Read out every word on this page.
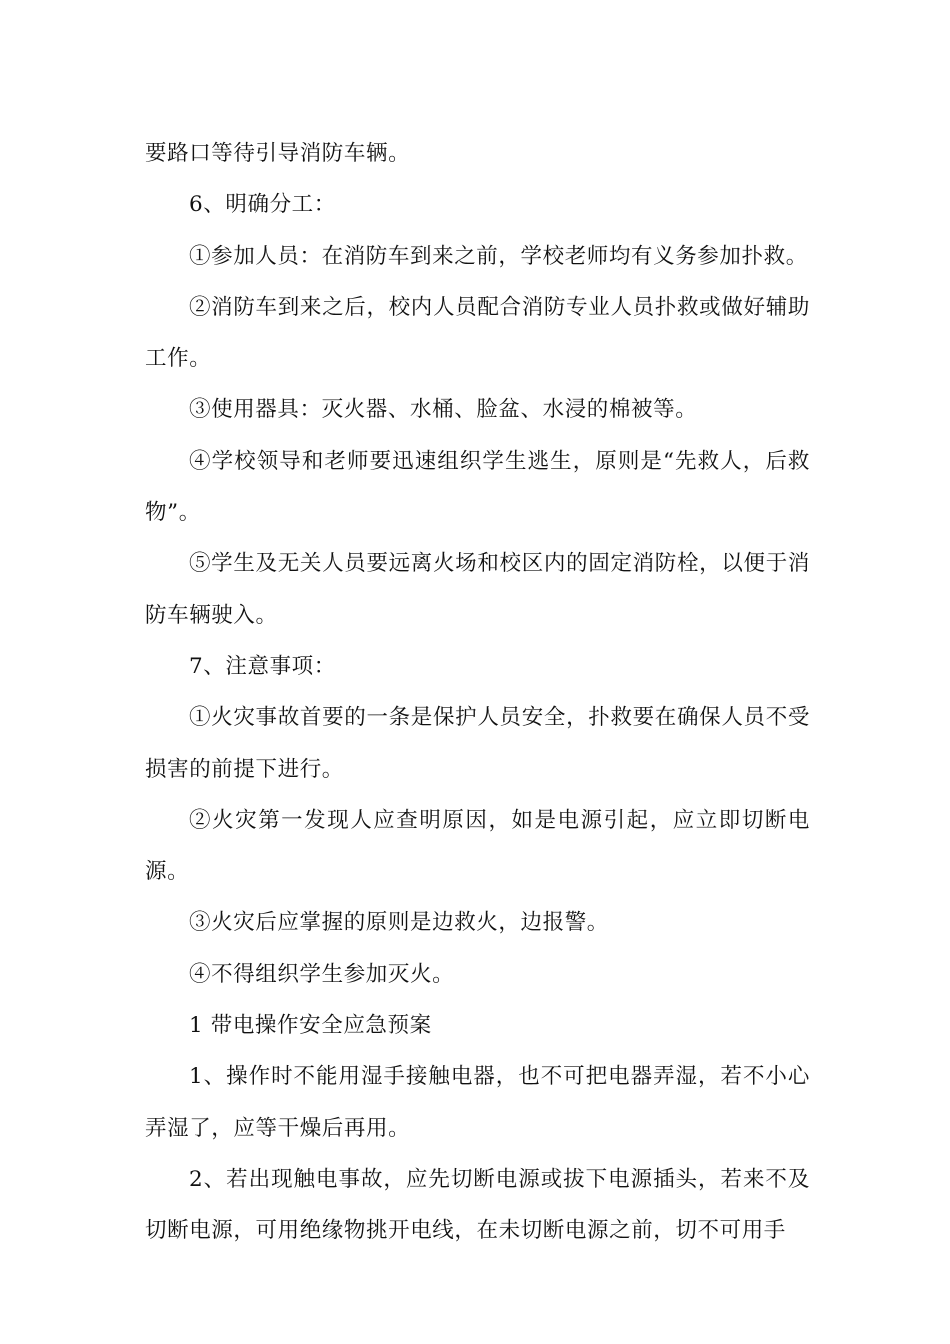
要路口等待引导消防车辆。

6、明确分工：

①参加人员：在消防车到来之前，学校老师均有义务参加扑救。

②消防车到来之后，校内人员配合消防专业人员扑救或做好辅助工作。

③使用器具：灭火器、水桶、脸盆、水浸的棉被等。

④学校领导和老师要迅速组织学生逃生，原则是“先救人，后救物”。

⑤学生及无关人员要远离火场和校区内的固定消防栓，以便于消防车辆驶入。

7、注意事项：

①火灾事故首要的一条是保护人员安全，扑救要在确保人员不受损害的前提下进行。

②火灾第一发现人应查明原因，如是电源引起，应立即切断电源。

③火灾后应掌握的原则是边救火，边报警。

④不得组织学生参加灭火。

1 带电操作安全应急预案

1、操作时不能用湿手接触电器，也不可把电器弄湿，若不小心弄湿了，应等干燥后再用。

2、若出现触电事故，应先切断电源或拔下电源插头，若来不及切断电源，可用绝缘物挑开电线，在未切断电源之前，切不可用手
